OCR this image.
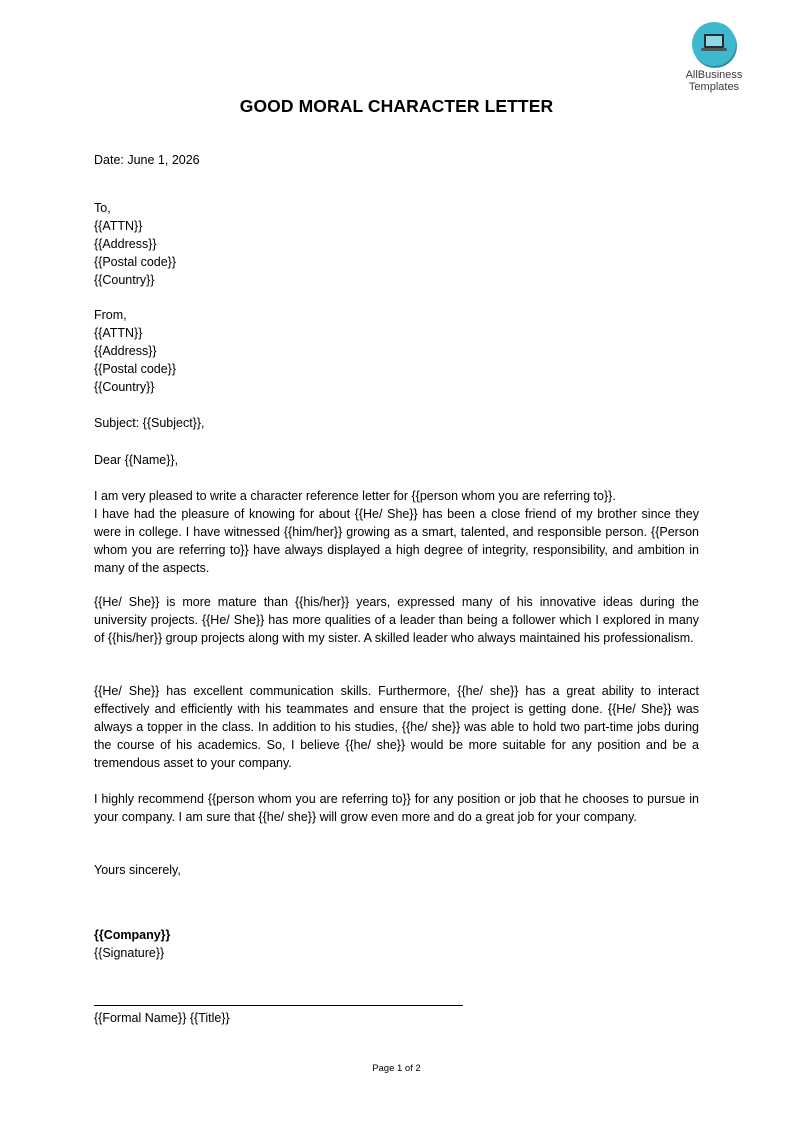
AllBusiness
Templates
GOOD MORAL CHARACTER LETTER
Date: June 1, 2026
To,
{{ATTN}}
{{Address}}
{{Postal code}}
{{Country}}
From,
{{ATTN}}
{{Address}}
{{Postal code}}
{{Country}}
Subject: {{Subject}},
Dear {{Name}},
I am very pleased to write a character reference letter for {{person whom you are referring to}}.
I have had the pleasure of knowing for about {{He/ She}} has been a close friend of my brother since they were in college. I have witnessed {{him/her}} growing as a smart, talented, and responsible person. {{Person whom you are referring to}} have always displayed a high degree of integrity, responsibility, and ambition in many of the aspects.
{{He/ She}} is more mature than {{his/her}} years, expressed many of his innovative ideas during the university projects. {{He/ She}} has more qualities of a leader than being a follower which I explored in many of {{his/her}} group projects along with my sister. A skilled leader who always maintained his professionalism.
{{He/ She}} has excellent communication skills. Furthermore, {{he/ she}} has a great ability to interact effectively and efficiently with his teammates and ensure that the project is getting done. {{He/ She}} was always a topper in the class. In addition to his studies, {{he/ she}} was able to hold two part-time jobs during the course of his academics. So, I believe {{he/ she}} would be more suitable for any position and be a tremendous asset to your company.
I highly recommend {{person whom you are referring to}} for any position or job that he chooses to pursue in your company. I am sure that {{he/ she}} will grow even more and do a great job for your company.
Yours sincerely,
{{Company}}
{{Signature}}
{{Formal Name}} {{Title}}
Page 1 of 2
